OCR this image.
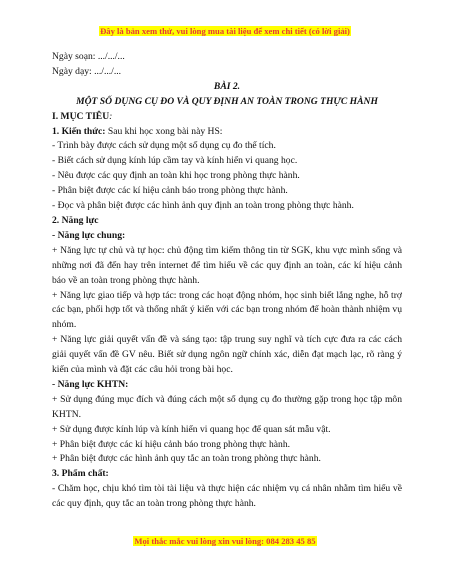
Đây là bản xem thử, vui lòng mua tài liệu để xem chi tiết (có lời giải)

Ngày soạn: .../.../...

Ngày dạy: .../.../...

BÀI 2.

MỘT SỐ DỤNG CỤ ĐO VÀ QUY ĐỊNH AN TOÀN TRONG THỰC HÀNH

I. MỤC TIÊU:

1. Kiến thức: Sau khi học xong bài này HS:

- Trình bày được cách sử dụng một số dụng cụ đo thể tích.

- Biết cách sử dụng kính lúp cầm tay và kính hiển vi quang học.

- Nêu được các quy định an toàn khi học trong phòng thực hành.

- Phân biệt được các kí hiệu cảnh báo trong phòng thực hành.

- Đọc và phân biệt được các hình ảnh quy định an toàn trong phòng thực hành.

2. Năng lực

- Năng lực chung:

+ Năng lực tự chủ và tự học: chủ động tìm kiếm thông tin từ SGK, khu vực mình sống và những nơi đã đến hay trên internet để tìm hiểu về các quy định an toàn, các kí hiệu cảnh báo về an toàn trong phòng thực hành.

+ Năng lực giao tiếp và hợp tác: trong các hoạt động nhóm, học sinh biết lắng nghe, hỗ trợ các bạn, phối hợp tốt và thống nhất ý kiến với các bạn trong nhóm để hoàn thành nhiệm vụ nhóm.

+ Năng lực giải quyết vấn đề và sáng tạo: tập trung suy nghĩ và tích cực đưa ra các cách giải quyết vấn đề GV nêu. Biết sử dụng ngôn ngữ chính xác, diễn đạt mạch lạc, rõ ràng ý kiến của mình và đặt các câu hỏi trong bài học.

- Năng lực KHTN:

+ Sử dụng đúng mục đích và đúng cách một số dụng cụ đo thường gặp trong học tập môn KHTN.

+ Sử dụng được kính lúp và kính hiển vi quang học để quan sát mẫu vật.

+ Phân biệt được các kí hiệu cảnh báo trong phòng thực hành.

+ Phân biệt được các hình ảnh quy tắc an toàn trong phòng thực hành.

3. Phẩm chất:

- Chăm học, chịu khó tìm tòi tài liệu và thực hiện các nhiệm vụ cá nhân nhằm tìm hiểu về các quy định, quy tắc an toàn trong phòng thực hành.

Mọi thắc mắc vui lòng xin vui lòng: 084 283 45 85
